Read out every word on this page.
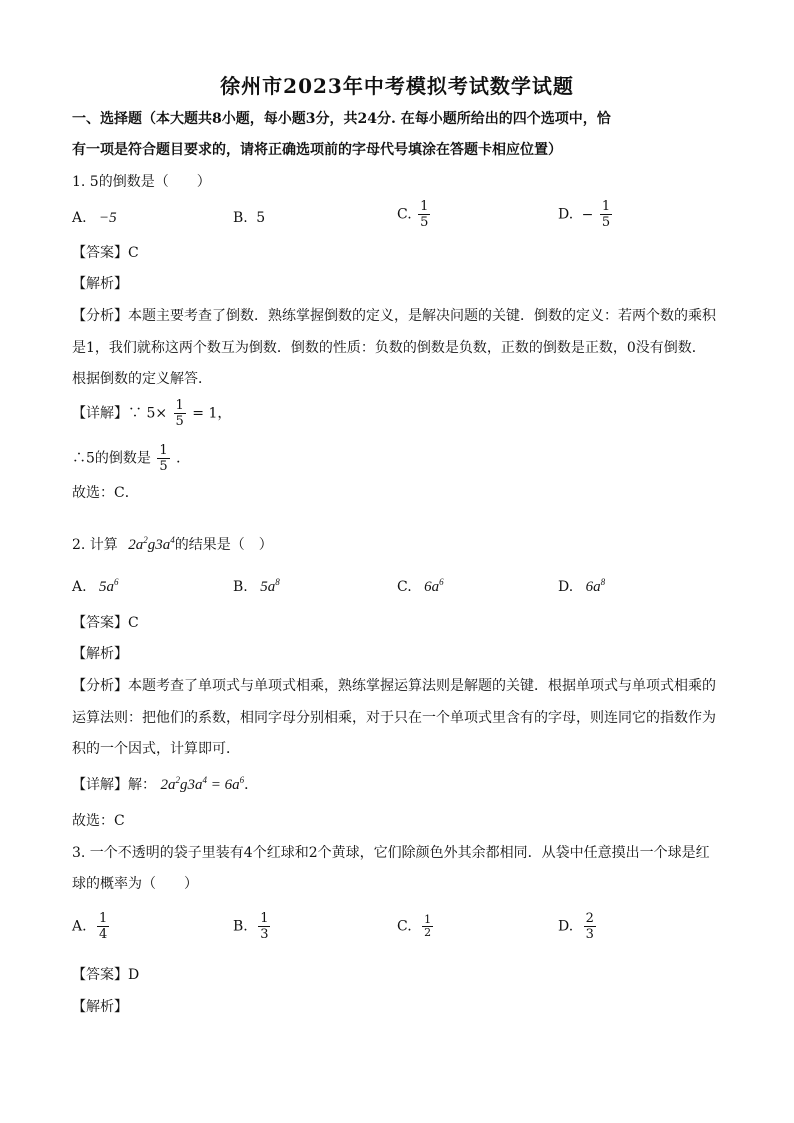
徐州市2023年中考模拟考试数学试题
一、选择题（本大题共8小题，每小题3分，共24分. 在每小题所给出的四个选项中，恰
有一项是符合题目要求的，请将正确选项前的字母代号填涂在答题卡相应位置）
1. 5的倒数是（　　）
A. −5	B. 5	C. $\frac{1}{5}$	D. − $\frac{1}{5}$
【答案】C
【解析】
【分析】本题主要考查了倒数．熟练掌握倒数的定义，是解决问题的关键．倒数的定义：若两个数的乘积
是1，我们就称这两个数互为倒数．倒数的性质：负数的倒数是负数，正数的倒数是正数，0没有倒数．
根据倒数的定义解答．
【详解】∵ $5\times \frac{1}{5} = 1$，
∴5的倒数是 $\frac{1}{5}$ ．
故选：C．
2. 计算 $2a^2g3a^4$的结果是（　）
A. $5a^6$	B. $5a^8$	C. $6a^6$	D. $6a^8$
【答案】C
【解析】
【分析】本题考查了单项式与单项式相乘，熟练掌握运算法则是解题的关键．根据单项式与单项式相乘的
运算法则：把他们的系数，相同字母分别相乘，对于只在一个单项式里含有的字母，则连同它的指数作为
积的一个因式，计算即可．
【详解】解： $2a^2g3a^4 = 6a^6$．
故选：C
3. 一个不透明的袋子里装有4个红球和2个黄球，它们除颜色外其余都相同．从袋中任意摸出一个球是红
球的概率为（　　）
A. $\frac{1}{4}$	B. $\frac{1}{3}$	C. $\frac{1}{2}$	D. $\frac{2}{3}$
【答案】D
【解析】
